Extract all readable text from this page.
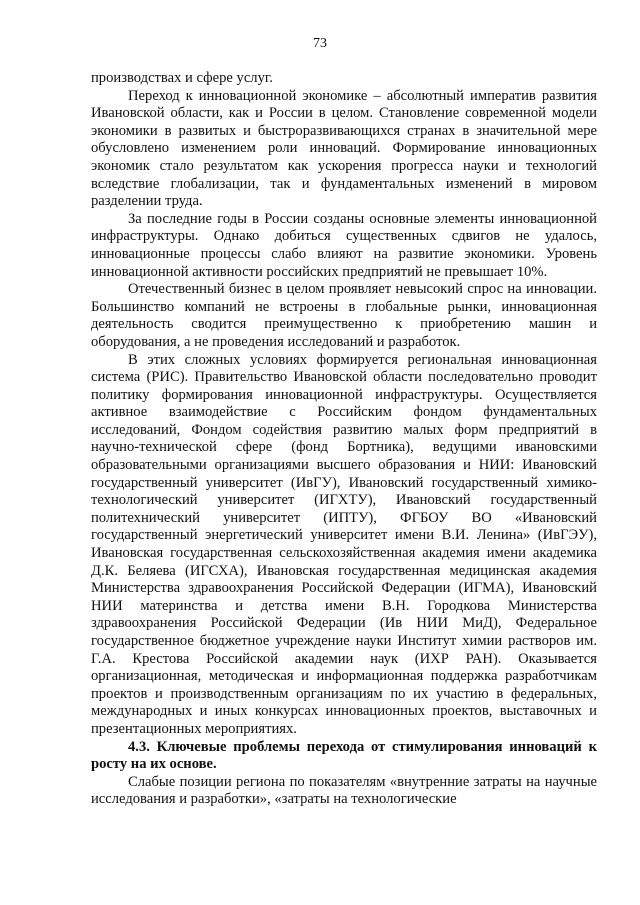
73

производствах и сфере услуг.

Переход к инновационной экономике – абсолютный императив развития Ивановской области, как и России в целом. Становление современной модели экономики в развитых и быстроразвивающихся странах в значительной мере обусловлено изменением роли инноваций. Формирование инновационных экономик стало результатом как ускорения прогресса науки и технологий вследствие глобализации, так и фундаментальных изменений в мировом разделении труда.

За последние годы в России созданы основные элементы инновационной инфраструктуры. Однако добиться существенных сдвигов не удалось, инновационные процессы слабо влияют на развитие экономики. Уровень инновационной активности российских предприятий не превышает 10%.

Отечественный бизнес в целом проявляет невысокий спрос на инновации. Большинство компаний не встроены в глобальные рынки, инновационная деятельность сводится преимущественно к приобретению машин и оборудования, а не проведения исследований и разработок.

В этих сложных условиях формируется региональная инновационная система (РИС). Правительство Ивановской области последовательно проводит политику формирования инновационной инфраструктуры. Осуществляется активное взаимодействие с Российским фондом фундаментальных исследований, Фондом содействия развитию малых форм предприятий в научно-технической сфере (фонд Бортника), ведущими ивановскими образовательными организациями высшего образования и НИИ: Ивановский государственный университет (ИвГУ), Ивановский государственный химико-технологический университет (ИГХТУ), Ивановский государственный политехнический университет (ИПТУ), ФГБОУ ВО «Ивановский государственный энергетический университет имени В.И. Ленина» (ИвГЭУ), Ивановская государственная сельскохозяйственная академия имени академика Д.К. Беляева (ИГСХА), Ивановская государственная медицинская академия Министерства здравоохранения Российской Федерации (ИГМА), Ивановский НИИ материнства и детства имени В.Н. Городкова Министерства здравоохранения Российской Федерации (Ив НИИ МиД), Федеральное государственное бюджетное учреждение науки Институт химии растворов им. Г.А. Крестова Российской академии наук (ИХР РАН). Оказывается организационная, методическая и информационная поддержка разработчикам проектов и производственным организациям по их участию в федеральных, международных и иных конкурсах инновационных проектов, выставочных и презентационных мероприятиях.

4.3. Ключевые проблемы перехода от стимулирования инноваций к росту на их основе.

Слабые позиции региона по показателям «внутренние затраты на научные исследования и разработки», «затраты на технологические
